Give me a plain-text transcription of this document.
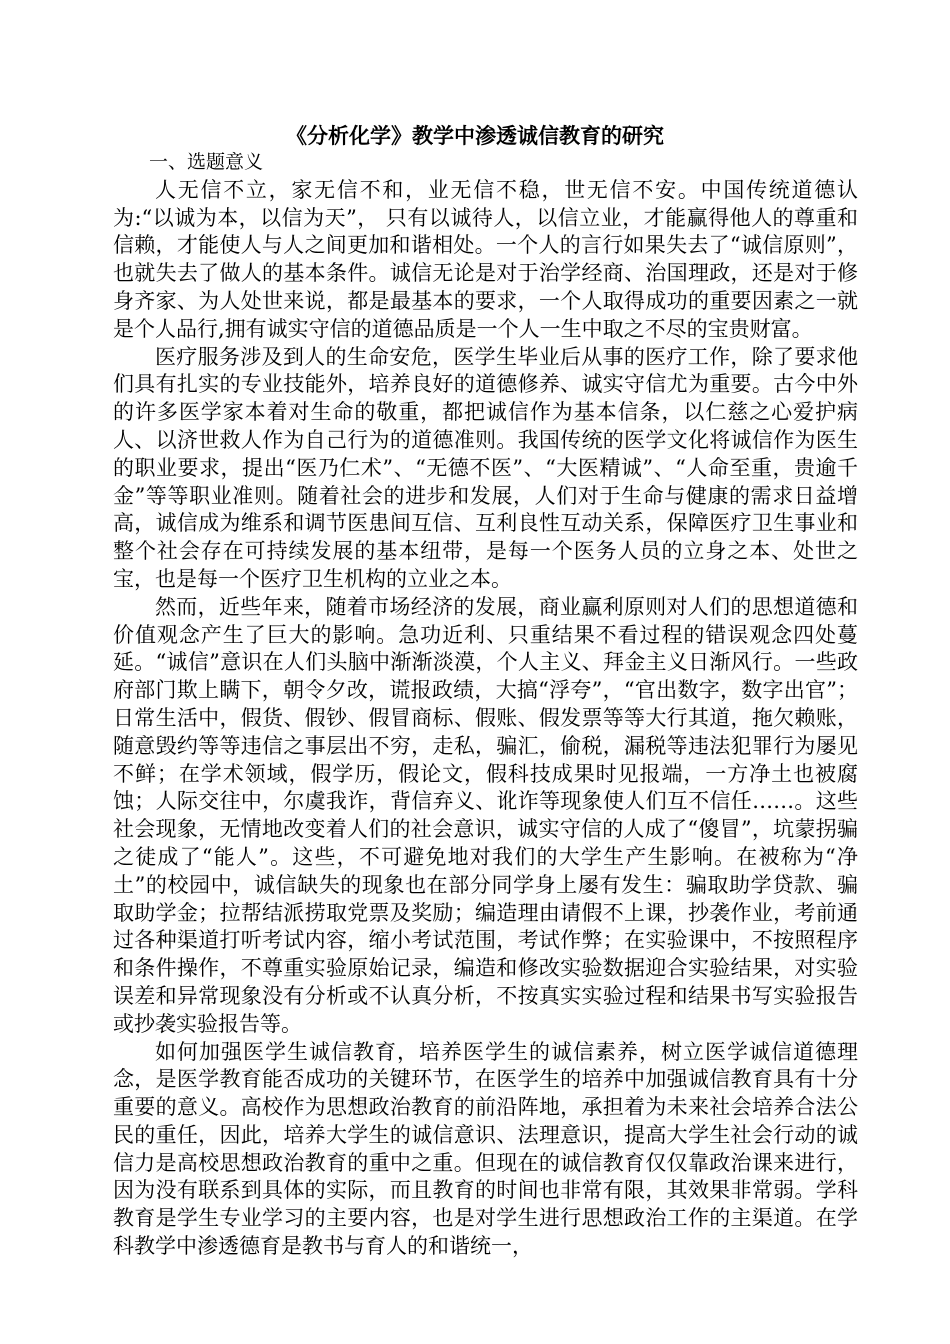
《分析化学》教学中渗透诚信教育的研究

一、选题意义

人无信不立，家无信不和，业无信不稳，世无信不安。中国传统道德认为:“以诚为本，以信为天”， 只有以诚待人，以信立业，才能赢得他人的尊重和信赖，才能使人与人之间更加和谐相处。一个人的言行如果失去了“诚信原则”，也就失去了做人的基本条件。诚信无论是对于治学经商、治国理政，还是对于修身齐家、为人处世来说，都是最基本的要求，一个人取得成功的重要因素之一就是个人品行,拥有诚实守信的道德品质是一个人一生中取之不尽的宝贵财富。

医疗服务涉及到人的生命安危，医学生毕业后从事的医疗工作，除了要求他们具有扎实的专业技能外，培养良好的道德修养、诚实守信尤为重要。古今中外的许多医学家本着对生命的敬重，都把诚信作为基本信条，以仁慈之心爱护病人、以济世救人作为自己行为的道德准则。我国传统的医学文化将诚信作为医生的职业要求，提出“医乃仁术”、“无德不医”、“大医精诚”、“人命至重，贵逾千金”等等职业准则。随着社会的进步和发展，人们对于生命与健康的需求日益增高，诚信成为维系和调节医患间互信、互利良性互动关系，保障医疗卫生事业和整个社会存在可持续发展的基本纽带，是每一个医务人员的立身之本、处世之宝，也是每一个医疗卫生机构的立业之本。

然而，近些年来，随着市场经济的发展，商业赢利原则对人们的思想道德和价值观念产生了巨大的影响。急功近利、只重结果不看过程的错误观念四处蔓延。“诚信”意识在人们头脑中渐渐淡漠，个人主义、拜金主义日渐风行。一些政府部门欺上瞒下，朝令夕改，谎报政绩，大搞“浮夸”，“官出数字，数字出官”；日常生活中，假货、假钞、假冒商标、假账、假发票等等大行其道，拖欠赖账，随意毁约等等违信之事层出不穷，走私，骗汇，偷税，漏税等违法犯罪行为屡见不鲜；在学术领域，假学历，假论文，假科技成果时见报端，一方净土也被腐蚀；人际交往中，尔虞我诈，背信弃义、讹诈等现象使人们互不信任……。这些社会现象，无情地改变着人们的社会意识，诚实守信的人成了“傻冒”，坑蒙拐骗之徒成了“能人”。这些，不可避免地对我们的大学生产生影响。在被称为“净土”的校园中，诚信缺失的现象也在部分同学身上屡有发生：骗取助学贷款、骗取助学金；拉帮结派捞取党票及奖励；编造理由请假不上课，抄袭作业，考前通过各种渠道打听考试内容，缩小考试范围，考试作弊；在实验课中，不按照程序和条件操作，不尊重实验原始记录，编造和修改实验数据迎合实验结果，对实验误差和异常现象没有分析或不认真分析，不按真实实验过程和结果书写实验报告或抄袭实验报告等。

如何加强医学生诚信教育，培养医学生的诚信素养，树立医学诚信道德理念，是医学教育能否成功的关键环节，在医学生的培养中加强诚信教育具有十分重要的意义。高校作为思想政治教育的前沿阵地，承担着为未来社会培养合法公民的重任，因此，培养大学生的诚信意识、法理意识，提高大学生社会行动的诚信力是高校思想政治教育的重中之重。但现在的诚信教育仅仅靠政治课来进行，因为没有联系到具体的实际，而且教育的时间也非常有限，其效果非常弱。学科教育是学生专业学习的主要内容，也是对学生进行思想政治工作的主渠道。在学科教学中渗透德育是教书与育人的和谐统一，
